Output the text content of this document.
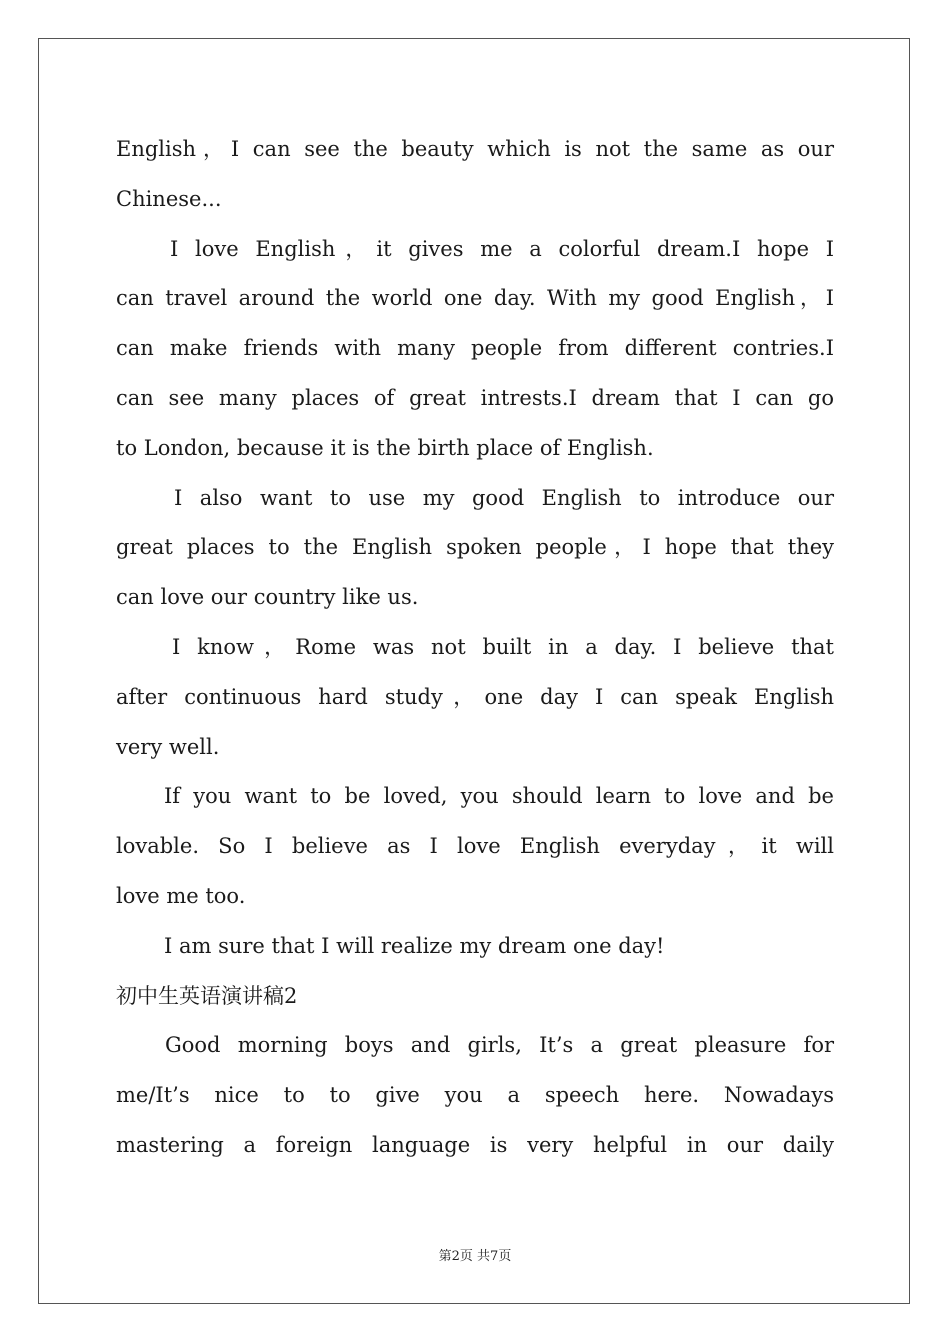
English，I can see the beauty which is not the same as our
Chinese...
I love English，it gives me a colorful dream.I hope I
can travel around the world one day. With my good English，I
can make friends with many people from different contries.I
can see many places of great intrests.I dream that I can go
to London, because it is the birth place of English.
I also want to use my good English to introduce our
great places to the English spoken people，I hope that they
can love our country like us.
I know，Rome was not built in a day. I believe that
after continuous hard study，one day I can speak English
very well.
If you want to be loved, you should learn to love and be
lovable. So I believe as I love English everyday，it will
love me too.
I am sure that I will realize my dream one day!
初中生英语演讲稿2
Good morning boys and girls, It’s a great pleasure for
me/It’s nice to to give you a speech here. Nowadays
mastering a foreign language is very helpful in our daily
第2页 共7页
